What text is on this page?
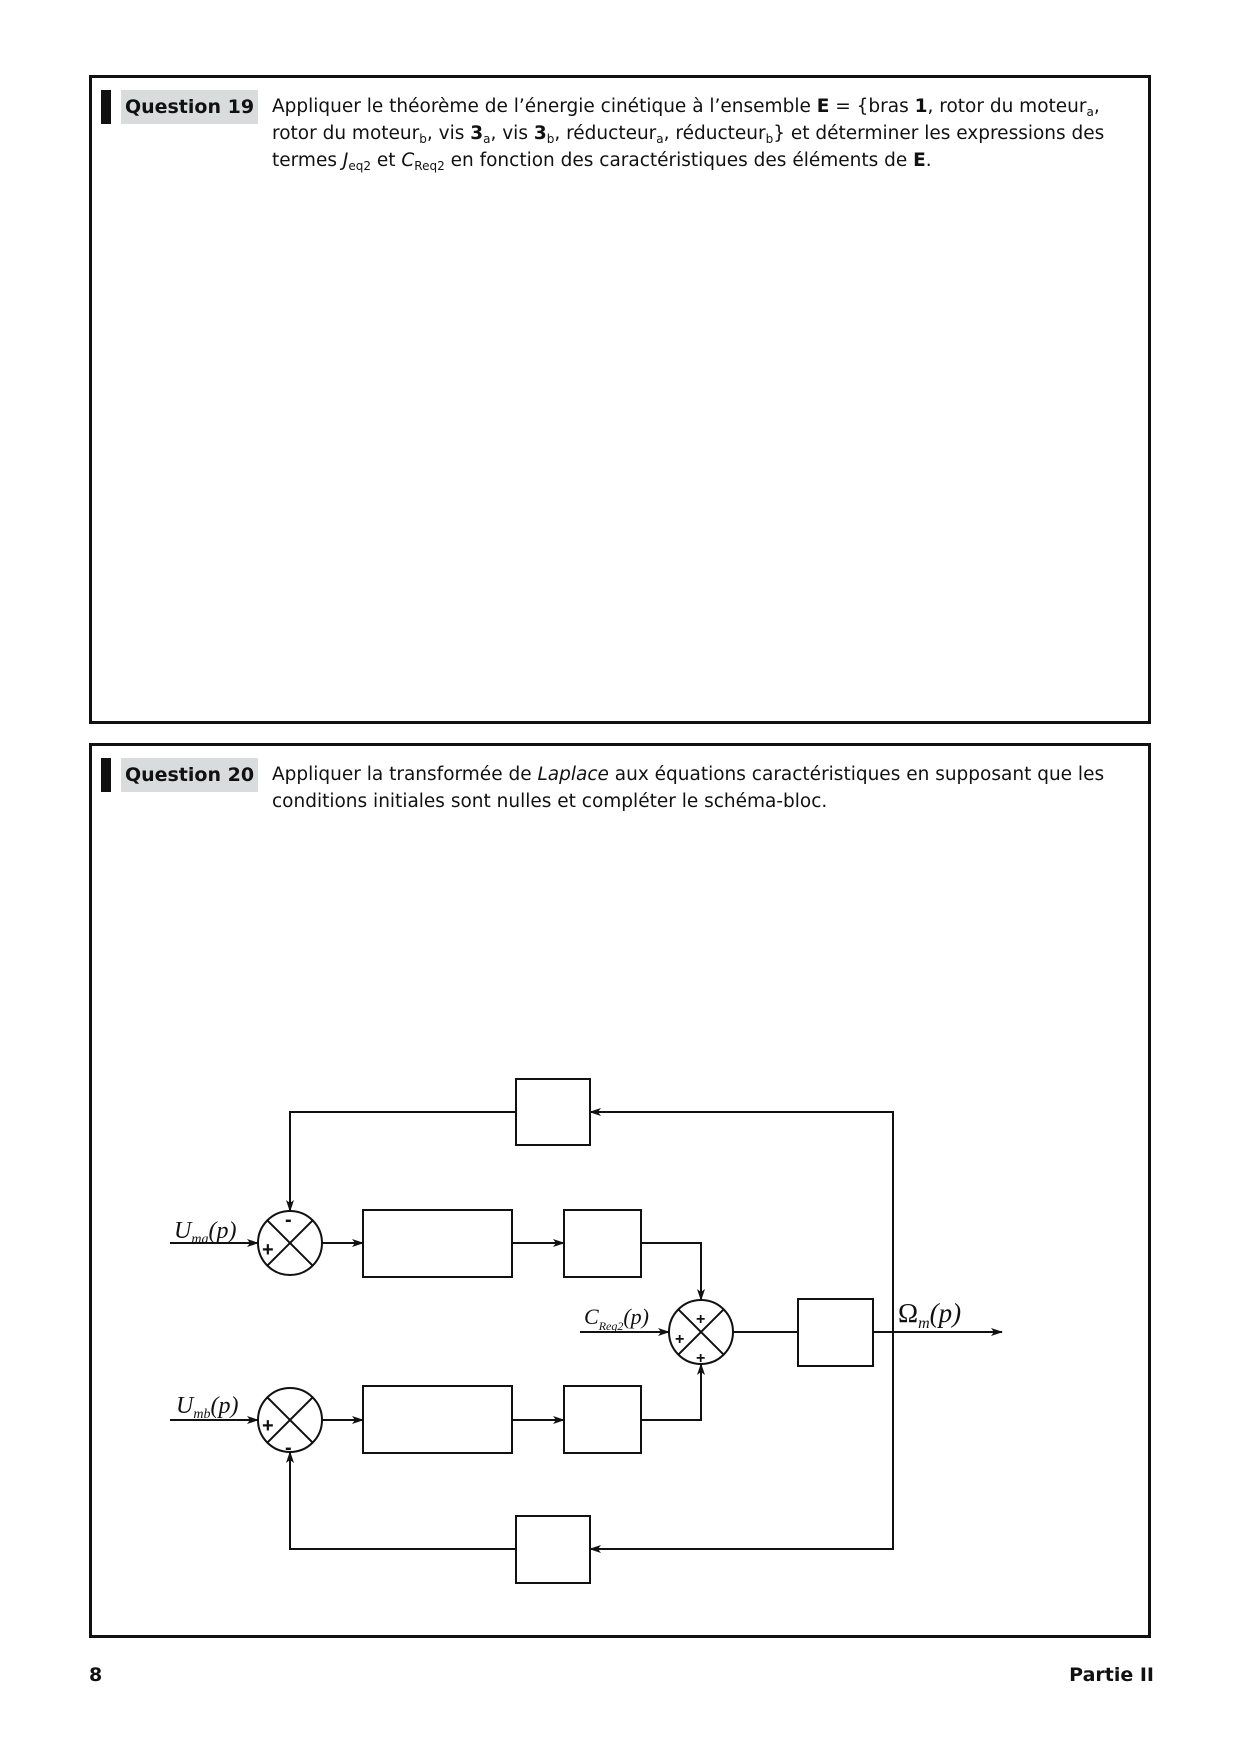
Question 19 Appliquer le théorème de l’énergie cinétique à l’ensemble E = {bras 1, rotor du moteur$_a$, rotor du moteur$_b$, vis $3_a$, vis $3_b$, réducteur$_a$, réducteur$_b$} et déterminer les expressions des termes $J_{eq2}$ et $C_{Req2}$ en fonction des caractéristiques des éléments de E.
Question 20 Appliquer la transformée de Laplace aux équations caractéristiques en supposant que les conditions initiales sont nulles et compléter le schéma-bloc.
$U_{ma}(p)$
$U_{mb}(p)$
$C_{Req2}(p)$	$\Omega_m(p)$
-
+
+
-
+
+
+
8	Partie II
